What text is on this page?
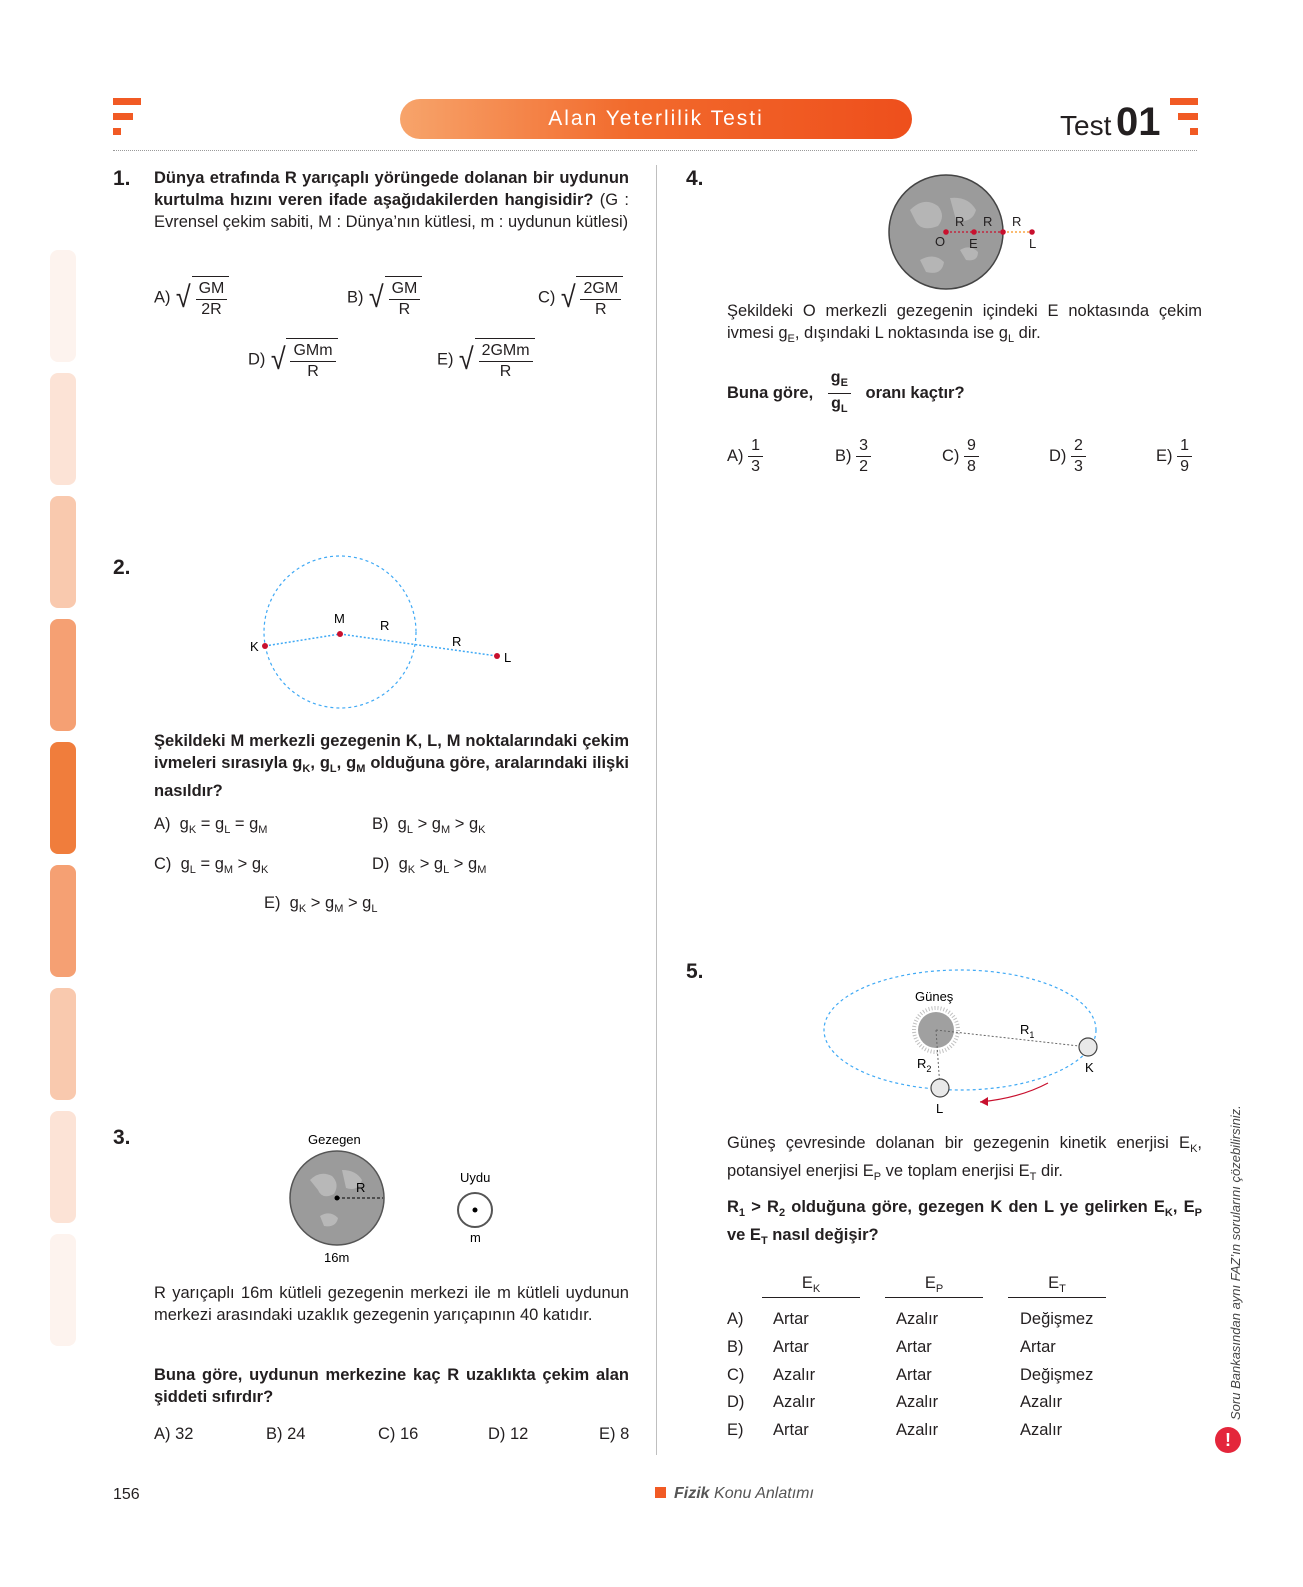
Alan Yeterlilik Testi	Test 01
1. Dünya etrafında R yarıçaplı yörüngede dolanan bir uydunun kurtulma hızını veren ifade aşağıdakilerden hangisidir? (G : Evrensel çekim sabiti, M : Dünya’nın kütlesi, m : uydunun kütlesi)
A) √ $\frac{GM}{2R}$	B) √ $\frac{GM}{R}$	C) √ $\frac{2GM}{R}$
D) √ $\frac{\text{GMm}}{R}$	E) √ $\frac{\text{2GMm}}{R}$
2.
K
M	R
R
L
Şekildeki M merkezli gezegenin K, L, M noktalarındaki çekim ivmeleri sırasıyla $g_K$, $g_L$, $g_M$ olduğuna göre, aralarındaki ilişki nasıldır?
A)  $g_K = g_L = g_M$	B)  $g_L > g_M > g_K$
C)  $g_L = g_M > g_K$	D)  $g_K > g_L > g_M$
E)  $g_K > g_M > g_L$
3.	Gezegen
R
16m
Uydu
m
R yarıçaplı 16m kütleli gezegenin merkezi ile m kütleli uydunun merkezi arasındaki uzaklık gezegenin yarıçapının 40 katıdır.
Buna göre, uydunun merkezine kaç R uzaklıkta çekim alan şiddeti sıfırdır?
A) 32	B) 24	C) 16	D) 12	E) 8
4.
R R R
O E	L
Şekildeki O merkezli gezegenin içindeki E noktasında çekim ivmesi $g_E$, dışındaki L noktasında ise $g_L$ dir.
Buna göre, $\frac{g_E}{g_L}$ oranı kaçtır?
$A) \frac{1}{3}$	$B) \frac{3}{2}$	$C) \frac{9}{8}$	$D) \frac{2}{3}$	$E) \frac{1}{9}$
5.
Güneş
$R_1$
$R_2$	K
L
Güneş çevresinde dolanan bir gezegenin kinetik enerjisi $E_K$, potansiyel enerjisi $E_P$ ve toplam enerjisi $E_T$ dir.
$R_1 > R_2$ olduğuna göre, gezegen K den L ye gelirken $E_K$, $E_P$ ve $E_T$ nasıl değişir?
$E_K$	$E_P$	$E_T$
A) Artar	Azalır	Değişmez
B) Artar	Artar	Artar
C) Azalır	Artar	Değişmez
D) Azalır	Azalır	Azalır
E) Artar	Azalır	Azalır
Soru Bankasından aynı FAZ’ın sorularını çözebilirsiniz.
!
156	Fizik Konu Anlatımı
